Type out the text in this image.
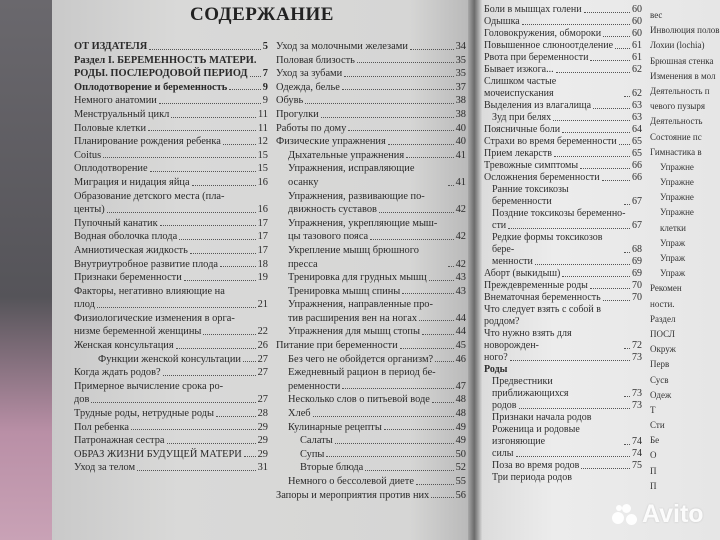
СОДЕРЖАНИЕ
ОТ ИЗДАТЕЛЯ	5
Раздел I. БЕРЕМЕННОСТЬ МАТЕРИ.
РОДЫ. ПОСЛЕРОДОВОЙ ПЕРИОД 7
Оплодотворение и беременность	9
Немного анатомии	9
Менструальный цикл	11
Половые клетки	11
Планирование рождения ребенка	12
Coitus	15
Оплодотворение	15
Миграция и нидация яйца	16
Образование детского места (пла-
центы)	16
Пупочный канатик	17
Водная оболочка плода	17
Амниотическая жидкость	17
Внутриутробное развитие плода	18
Признаки беременности	19
Факторы, негативно влияющие на
плод	21
Физиологические изменения в орга-
низме беременной женщины	22
Женская консультация	26
Функции женской консультации 27
Когда ждать родов?	27
Примерное вычисление срока ро-
дов	27
Трудные роды, нетрудные роды	28
Пол ребенка	29
Патронажная сестра	29
ОБРАЗ ЖИЗНИ БУДУЩЕЙ МАТЕРИ 29
Уход за телом	31
Уход за молочными железами	34
Половая близость	35
Уход за зубами	35
Одежда, белье	37
Обувь	38
Прогулки	38
Работы по дому	40
Физические упражнения	40
Дыхательные упражнения	41
Упражнения, исправляющие осанку	41
Упражнения, развивающие по-
движность суставов	42
Упражнения, укрепляющие мыш-
цы тазового пояса	42
Укрепление мышц брюшного пресса	42
Тренировка для грудных мышц	43
Тренировка мышц спины	43
Упражнения, направленные про-
тив расширения вен на ногах	44
Упражнения для мышц стопы	44
Питание при беременности	45
Без чего не обойдется организм? 46
Ежедневный рацион в период бе-
ременности	47
Несколько слов о питьевой воде 48
Хлеб	48
Кулинарные рецепты	49
Салаты	49
Супы	50
Вторые блюда	52
Немного о бессолевой диете	55
Запоры и мероприятия против них	56
Боли в мышцах голени	60
Одышка	60
Головокружения, обмороки	60
Повышенное слюноотделение 61
Рвота при беременности	61
Бывает изжога...	62
Слишком частые мочеиспускания	62
Выделения из влагалища	63
Зуд при белях	63
Поясничные боли	64
Страхи во время беременности 65
Прием лекарств	65
Тревожные симптомы	66
Осложнения беременности	66
Ранние токсикозы беременности	67
Поздние токсикозы беременно-
сти	67
Редкие формы токсикозов бере-	68
менности	69
Аборт (выкидыш)	69
Преждевременные роды	70
Внематочная беременность	70
Что следует взять с собой в роддом?
Что нужно взять для новорожден-	72
ного?	73
Роды
Предвестники приближающихся	73
родов	73
Признаки начала родов
Роженица и родовые изгоняющие	74
силы	74
Поза во время родов	75
Три периода родов
вес
Инволюция полов
Лохии (lochia)
Брюшная стенка
Изменения в мол
Деятельность п
чевого пузыря
Деятельность
Состояние пс
Гимнастика в
Упражне
Упражне
Упражне
Упражне
клетки
Упраж
Упраж
Упраж
Рекомен
ности.
Раздел
ПОСЛ
Окруж
Перв
Сусв
Одеж
Т
Сти
Бе
О
П
П
Avito
